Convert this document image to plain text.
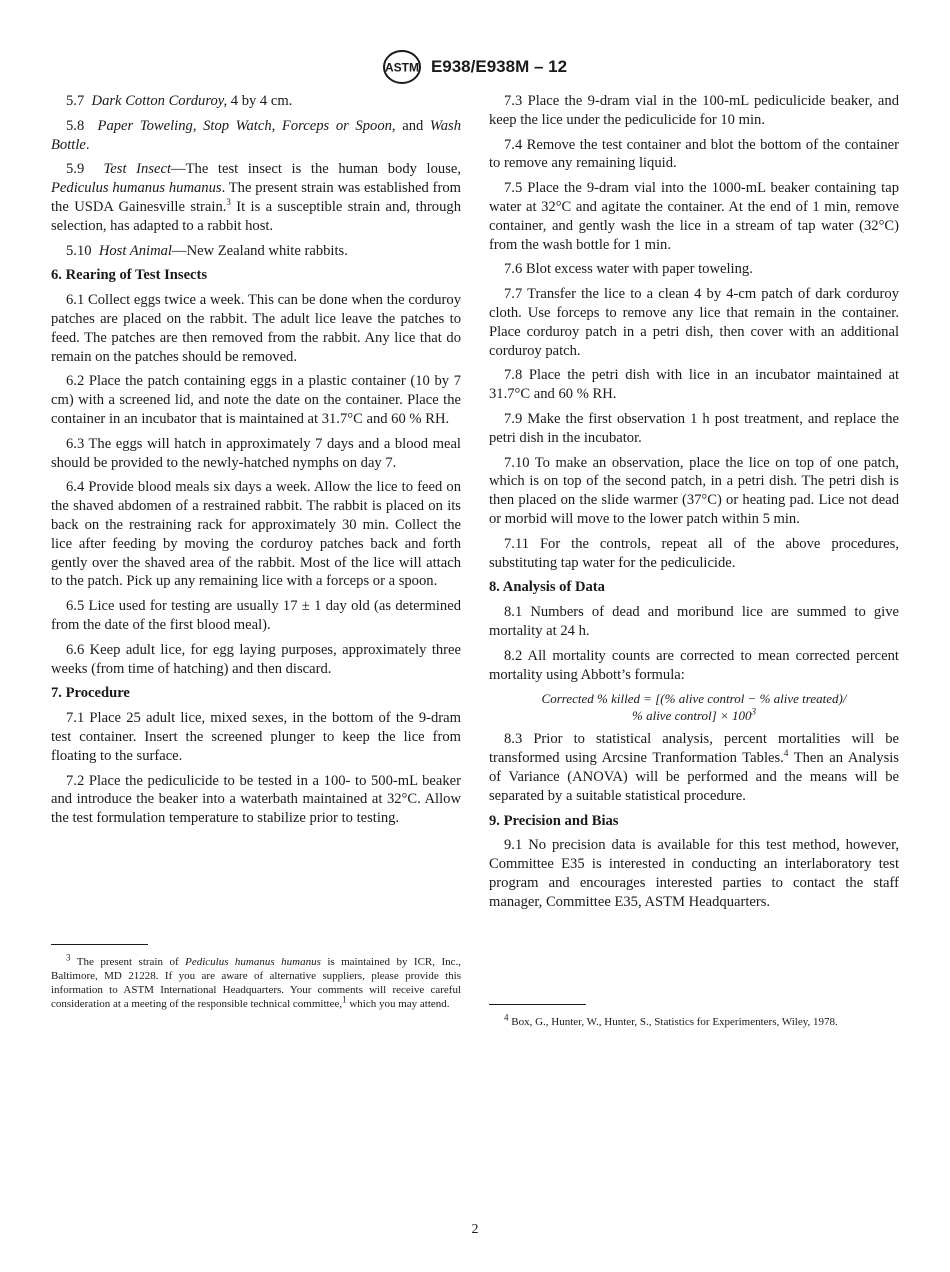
ASTM E938/E938M – 12

5.7 Dark Cotton Corduroy, 4 by 4 cm.

5.8 Paper Toweling, Stop Watch, Forceps or Spoon, and Wash Bottle.

5.9 Test Insect—The test insect is the human body louse, Pediculus humanus humanus. The present strain was established from the USDA Gainesville strain.$^3$ It is a susceptible strain and, through selection, has adapted to a rabbit host.

5.10 Host Animal—New Zealand white rabbits.

6. Rearing of Test Insects

6.1 Collect eggs twice a week. This can be done when the corduroy patches are placed on the rabbit. The adult lice leave the patches to feed. The patches are then removed from the rabbit. Any lice that do remain on the patches should be removed.

6.2 Place the patch containing eggs in a plastic container (10 by 7 cm) with a screened lid, and note the date on the container. Place the container in an incubator that is maintained at 31.7°C and 60 % RH.

6.3 The eggs will hatch in approximately 7 days and a blood meal should be provided to the newly-hatched nymphs on day 7.

6.4 Provide blood meals six days a week. Allow the lice to feed on the shaved abdomen of a restrained rabbit. The rabbit is placed on its back on the restraining rack for approximately 30 min. Collect the lice after feeding by moving the corduroy patches back and forth gently over the shaved area of the rabbit. Most of the lice will attach to the patch. Pick up any remaining lice with a forceps or a spoon.

6.5 Lice used for testing are usually 17 ± 1 day old (as determined from the date of the first blood meal).

6.6 Keep adult lice, for egg laying purposes, approximately three weeks (from time of hatching) and then discard.

7. Procedure

7.1 Place 25 adult lice, mixed sexes, in the bottom of the 9-dram test container. Insert the screened plunger to keep the lice from floating to the surface.

7.2 Place the pediculicide to be tested in a 100- to 500-mL beaker and introduce the beaker into a waterbath maintained at 32°C. Allow the test formulation temperature to stabilize prior to testing.

$^3$ The present strain of Pediculus humanus humanus is maintained by ICR, Inc., Baltimore, MD 21228. If you are aware of alternative suppliers, please provide this information to ASTM International Headquarters. Your comments will receive careful consideration at a meeting of the responsible technical committee,$^1$ which you may attend.

7.3 Place the 9-dram vial in the 100-mL pediculicide beaker, and keep the lice under the pediculicide for 10 min.

7.4 Remove the test container and blot the bottom of the container to remove any remaining liquid.

7.5 Place the 9-dram vial into the 1000-mL beaker containing tap water at 32°C and agitate the container. At the end of 1 min, remove container, and gently wash the lice in a stream of tap water (32°C) from the wash bottle for 1 min.

7.6 Blot excess water with paper toweling.

7.7 Transfer the lice to a clean 4 by 4-cm patch of dark corduroy cloth. Use forceps to remove any lice that remain in the container. Place corduroy patch in a petri dish, then cover with an additional corduroy patch.

7.8 Place the petri dish with lice in an incubator maintained at 31.7°C and 60 % RH.

7.9 Make the first observation 1 h post treatment, and replace the petri dish in the incubator.

7.10 To make an observation, place the lice on top of one patch, which is on top of the second patch, in a petri dish. The petri dish is then placed on the slide warmer (37°C) or heating pad. Lice not dead or morbid will move to the lower patch within 5 min.

7.11 For the controls, repeat all of the above procedures, substituting tap water for the pediculicide.

8. Analysis of Data

8.1 Numbers of dead and moribund lice are summed to give mortality at 24 h.

8.2 All mortality counts are corrected to mean corrected percent mortality using Abbott’s formula:

Corrected % killed = [(% alive control − % alive treated)/
% alive control] × $100^3$

8.3 Prior to statistical analysis, percent mortalities will be transformed using Arcsine Tranformation Tables.$^4$ Then an Analysis of Variance (ANOVA) will be performed and the means will be separated by a suitable statistical procedure.

9. Precision and Bias

9.1 No precision data is available for this test method, however, Committee E35 is interested in conducting an interlaboratory test program and encourages interested parties to contact the staff manager, Committee E35, ASTM Headquarters.

$^4$ Box, G., Hunter, W., Hunter, S., Statistics for Experimenters, Wiley, 1978.
2
